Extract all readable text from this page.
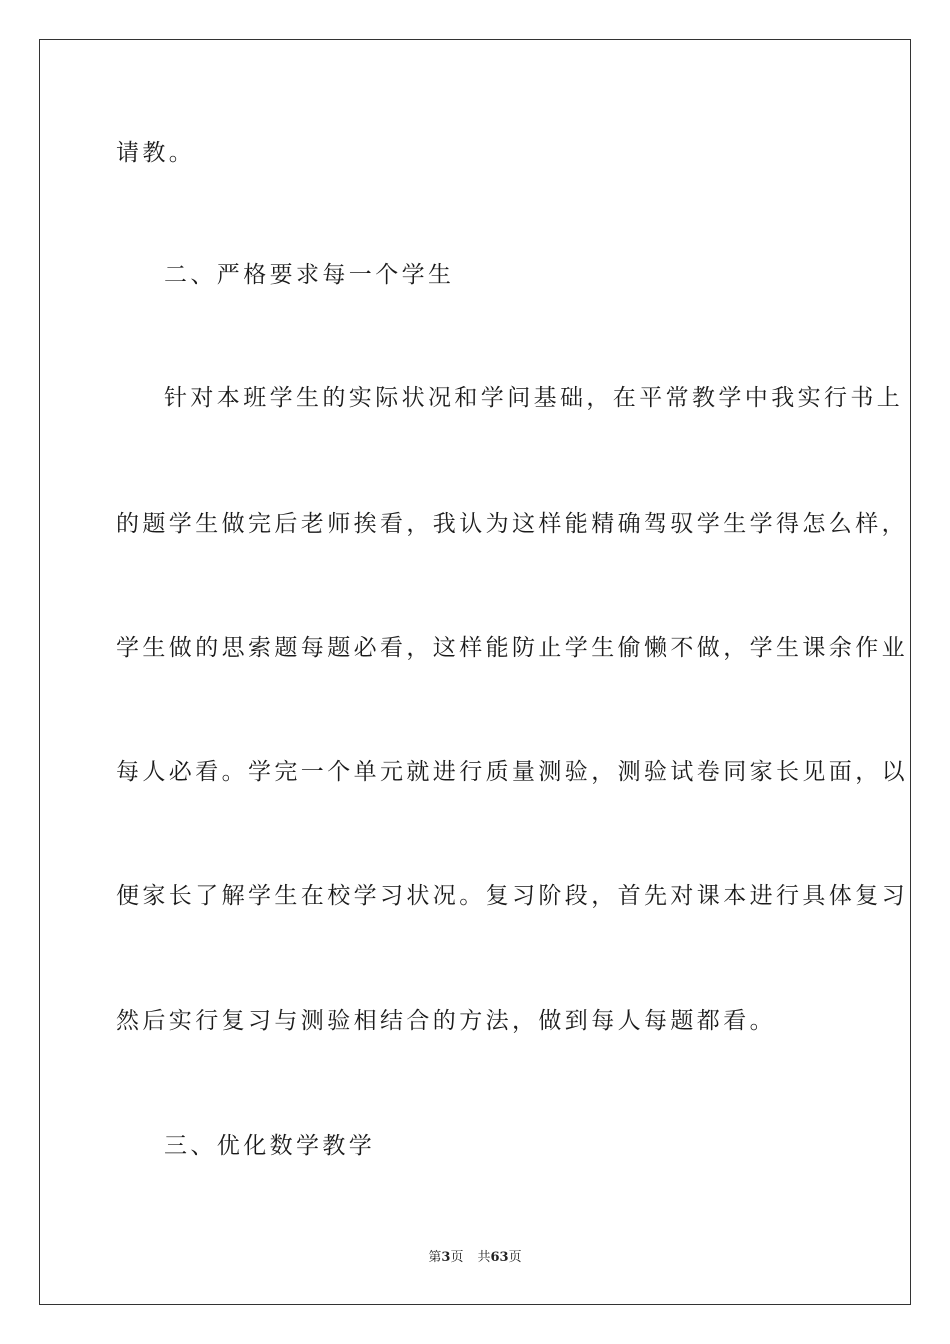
请教。
二、严格要求每一个学生
针对本班学生的实际状况和学问基础，在平常教学中我实行书上
的题学生做完后老师挨看，我认为这样能精确驾驭学生学得怎么样，
学生做的思索题每题必看，这样能防止学生偷懒不做，学生课余作业
每人必看。学完一个单元就进行质量测验，测验试卷同家长见面，以
便家长了解学生在校学习状况。复习阶段，首先对课本进行具体复习
然后实行复习与测验相结合的方法，做到每人每题都看。
三、优化数学教学
第3页 共63页
